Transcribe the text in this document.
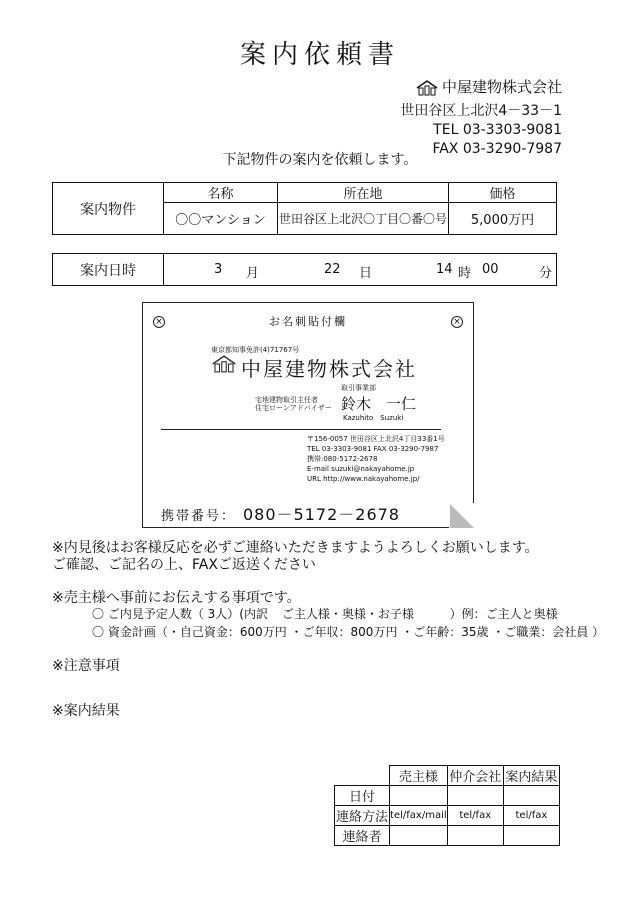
案内依頼書
中屋建物株式会社
世田谷区上北沢4－33－1
TEL 03-3303-9081
FAX 03-3290-7987
下記物件の案内を依頼します。
案内物件	名称	所在地	価格
	〇〇マンション	世田谷区上北沢〇丁目〇番〇号	5,000万円
案内日時	3 月	22 日	14 時 00	分
お名刺貼付欄
×	×
東京都知事免許(4)71767号
中屋建物株式会社
取引事業部
宅地建物取引主任者
住宅ローンアドバイザー 鈴木　一仁
Kazuhito　Suzuki
〒156-0057 世田谷区上北沢4丁目33番1号
TEL 03-3303-9081 FAX 03-3290-7987
携帯:080-5172-2678
E-mail suzuki@nakayahome.jp
URL http://www.nakayahome.jp/
携帯番号： 080－5172－2678
※内見後はお客様反応を必ずご連絡いただきますようよろしくお願いします。
ご確認、ご記名の上、FAXご返送ください
※売主様へ事前にお伝えする事項です。
〇 ご内見予定人数（ 3人）(内訳 ご主人様・奥様・お子様	）例：ご主人と奥様
〇 資金計画（・自己資金：600万円 ・ご年収：800万円 ・ご年齢：35歳 ・ご職業：会社員 ）
※注意事項
※案内結果
	売主様	仲介会社	案内結果
日付			
連絡方法	tel/fax/mail	tel/fax	tel/fax
連絡者			
